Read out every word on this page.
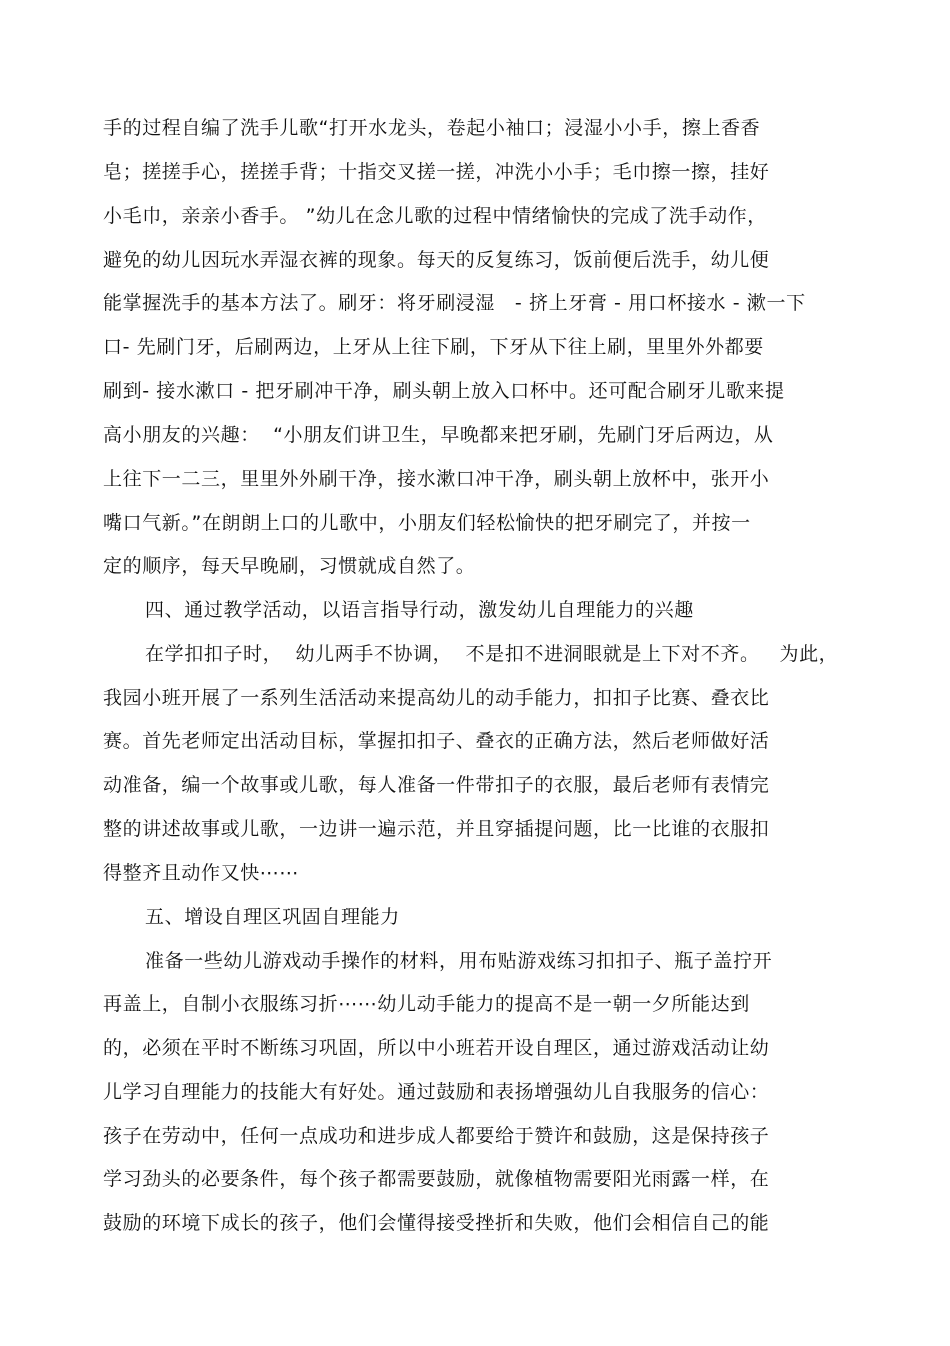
手的过程自编了洗手儿歌“打开水龙头，卷起小袖口；浸湿小小手，擦上香香
皂；搓搓手心，搓搓手背；十指交叉搓一搓，冲洗小小手；毛巾擦一擦，挂好
小毛巾，亲亲小香手。 ”幼儿在念儿歌的过程中情绪愉快的完成了洗手动作，
避免的幼儿因玩水弄湿衣裤的现象。每天的反复练习，饭前便后洗手，幼儿便
能掌握洗手的基本方法了。刷牙：将牙刷浸湿   - 挤上牙膏 - 用口杯接水 - 漱一下
口- 先刷门牙，后刷两边，上牙从上往下刷，下牙从下往上刷，里里外外都要
刷到- 接水漱口 - 把牙刷冲干净，刷头朝上放入口杯中。还可配合刷牙儿歌来提
高小朋友的兴趣：  “小朋友们讲卫生，早晚都来把牙刷，先刷门牙后两边，从
上往下一二三，里里外外刷干净，接水漱口冲干净，刷头朝上放杯中，张开小
嘴口气新。”在朗朗上口的儿歌中，小朋友们轻松愉快的把牙刷完了，并按一
定的顺序，每天早晚刷，习惯就成自然了。
四、通过教学活动，以语言指导行动，激发幼儿自理能力的兴趣
在学扣扣子时，  幼儿两手不协调，  不是扣不进洞眼就是上下对不齐。   为此，
我园小班开展了一系列生活活动来提高幼儿的动手能力，扣扣子比赛、叠衣比
赛。首先老师定出活动目标，掌握扣扣子、叠衣的正确方法，然后老师做好活
动准备，编一个故事或儿歌，每人准备一件带扣子的衣服，最后老师有表情完
整的讲述故事或儿歌，一边讲一遍示范，并且穿插提问题，比一比谁的衣服扣
得整齐且动作又快⋯⋯
五、增设自理区巩固自理能力
准备一些幼儿游戏动手操作的材料，用布贴游戏练习扣扣子、瓶子盖拧开
再盖上，自制小衣服练习折⋯⋯幼儿动手能力的提高不是一朝一夕所能达到
的，必须在平时不断练习巩固，所以中小班若开设自理区，通过游戏活动让幼
儿学习自理能力的技能大有好处。通过鼓励和表扬增强幼儿自我服务的信心：
孩子在劳动中，任何一点成功和进步成人都要给于赞许和鼓励，这是保持孩子
学习劲头的必要条件，每个孩子都需要鼓励，就像植物需要阳光雨露一样，在
鼓励的环境下成长的孩子，他们会懂得接受挫折和失败，他们会相信自己的能
